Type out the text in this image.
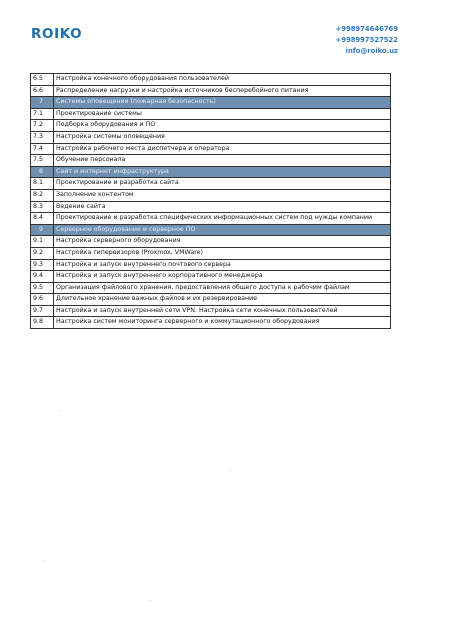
ROIKO	+998974646769
+998997527522
info@roiko.uz
6.5	Настройка конечного оборудования пользователей
6.6	Распределение нагрузки и настройка источников бесперебойного питания
7	Системы оповещения (пожарная безопасность)
7.1	Проектирование системы
7.2	Подборка оборудования и ПО
7.3	Настройка системы оповещения
7.4	Настройка рабочего места диспетчера и оператора
7.5	Обучение персонала
8	Сайт и интернет инфраструктура
8.1	Проектирование и разработка сайта
8.2	Заполнение контентом
8.3	Ведение сайта
8.4	Проектирование и разработка специфических информационных систем под нужды компании
9	Серверное оборудование и серверное ПО
9.1	Настройка серверного оборудования
9.2	Настройка гипервизоров (Proxmox, VMWare)
9.3	Настройка и запуск внутреннего почтового сервера
9.4	Настройка и запуск внутреннего корпоративного менеджера
9.5	Организация файлового хранения, предоставления общего доступа к рабочим файлам
9.6	Длительное хранение важных файлов и их резервирование
9.7	Настройка и запуск внутренней сети VPN. Настройка сети конечных пользователей
9.8	Настройка систем мониторинга серверного и коммутационного оборудования
